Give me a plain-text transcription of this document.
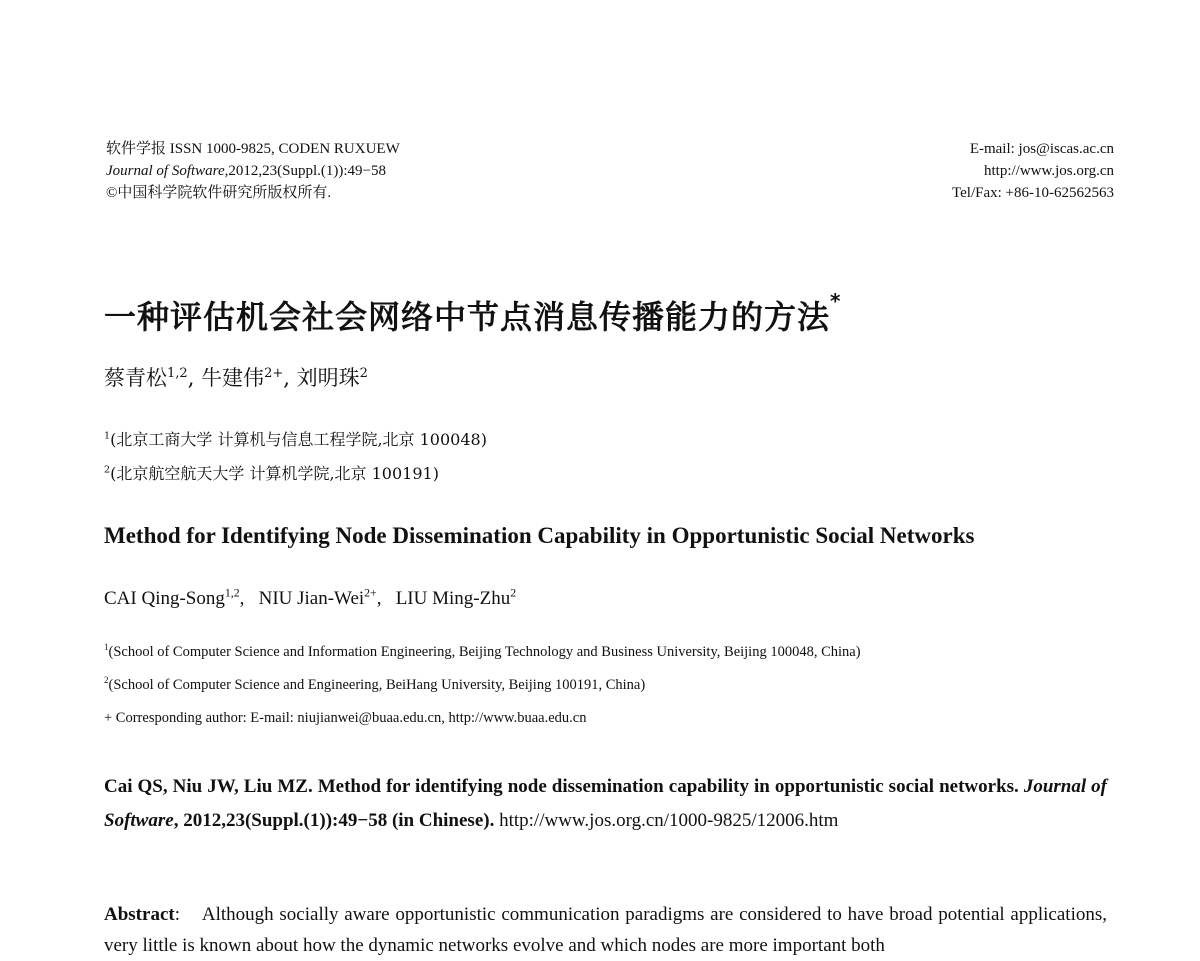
软件学报 ISSN 1000-9825, CODEN RUXUEW
Journal of Software,2012,23(Suppl.(1)):49−58
©中国科学院软件研究所版权所有.
E-mail: jos@iscas.ac.cn
http://www.jos.org.cn
Tel/Fax: +86-10-62562563
一种评估机会社会网络中节点消息传播能力的方法*
蔡青松$^{1,2}$, 牛建伟$^{2+}$, 刘明珠$^2$
$^1$(北京工商大学 计算机与信息工程学院,北京 100048)
$^2$(北京航空航天大学 计算机学院,北京 100191)
Method for Identifying Node Dissemination Capability in Opportunistic Social Networks
CAI Qing-Song$^{1,2}$,   NIU Jian-Wei$^{2+}$,   LIU Ming-Zhu$^2$
$^1$(School of Computer Science and Information Engineering, Beijing Technology and Business University, Beijing 100048, China)
$^2$(School of Computer Science and Engineering, BeiHang University, Beijing 100191, China)
+ Corresponding author: E-mail: niujianwei@buaa.edu.cn, http://www.buaa.edu.cn
Cai QS, Niu JW, Liu MZ. Method for identifying node dissemination capability in opportunistic social networks. Journal of Software, 2012,23(Suppl.(1)):49−58 (in Chinese). http://www.jos.org.cn/1000-9825/12006.htm
Abstract: Although socially aware opportunistic communication paradigms are considered to have broad potential applications, very little is known about how the dynamic networks evolve and which nodes are more important both
